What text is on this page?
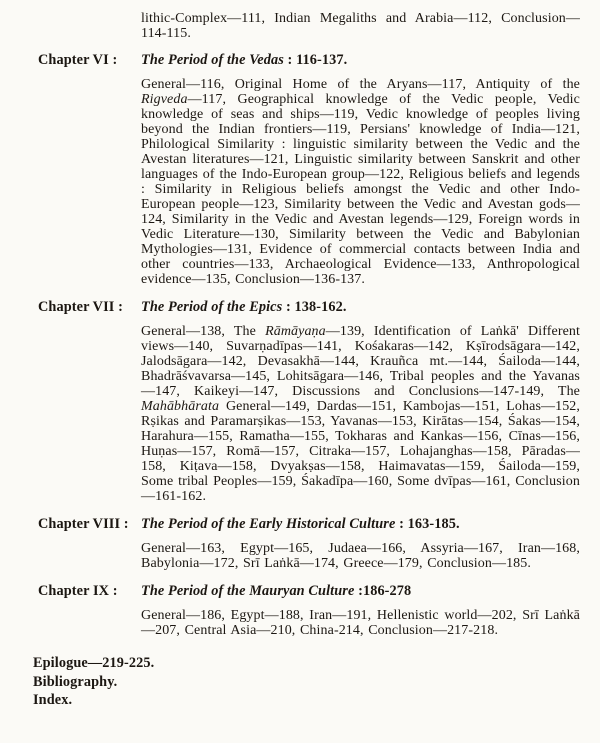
lithic-Complex—111, Indian Megaliths and Arabia—112, Conclusion—114-115.

Chapter VI :	The Period of the Vedas : 116-137.

General—116, Original Home of the Aryans—117, Antiquity of the Rigveda—117, Geographical knowledge of the Vedic people, Vedic knowledge of seas and ships—119, Vedic knowledge of peoples living beyond the Indian frontiers—119, Persians' knowledge of India—121, Philological Similarity : linguistic similarity between the Vedic and the Avestan literatures—121, Linguistic similarity between Sanskrit and other languages of the Indo-European group—122, Religious beliefs and legends : Similarity in Religious beliefs amongst the Vedic and other Indo-European people—123, Similarity between the Vedic and Avestan gods—124, Similarity in the Vedic and Avestan legends—129, Foreign words in Vedic Literature—130, Similarity between the Vedic and Babylonian Mythologies—131, Evidence of commercial contacts between India and other countries—133, Archaeological Evidence—133, Anthropological evidence—135, Conclusion—136-137.

Chapter VII :	The Period of the Epics : 138-162.

General—138, The Rāmāyaṇa—139, Identification of Laṅkā' Different views—140, Suvarṇadīpas—141, Kośakaras—142, Kṣīrodsāgara—142, Jalodsāgara—142, Devasakhā—144, Krauñca mt.—144, Śailoda—144, Bhadrāśvavarsa—145, Lohitsāgara—146, Tribal peoples and the Yavanas—147, Kaikeyi—147, Discussions and Conclusions—147-149, The Mahābhārata General—149, Dardas—151, Kambojas—151, Lohas—152, Rṣikas and Paramarṣikas—153, Yavanas—153, Kirātas—154, Śakas—154, Harahura—155, Ramatha—155, Tokharas and Kankas—156, Cīnas—156, Huṇas—157, Romā—157, Citraka—157, Lohajanghas—158, Pāradas—158, Kiṭava—158, Dvyakṣas—158, Haimavatas—159, Śailoda—159, Some tribal Peoples—159, Śakadīpa—160, Some dvīpas—161, Conclusion—161-162.

Chapter VIII : The Period of the Early Historical Culture : 163-185.

General—163, Egypt—165, Judaea—166, Assyria—167, Iran—168, Babylonia—172, Srī Laṅkā—174, Greece—179, Conclusion—185.

Chapter IX :	The Period of the Mauryan Culture :186-278

General—186, Egypt—188, Iran—191, Hellenistic world—202, Srī Laṅkā—207, Central Asia—210, China-214, Conclusion—217-218.

Epilogue—219-225.

Bibliography.

Index.
